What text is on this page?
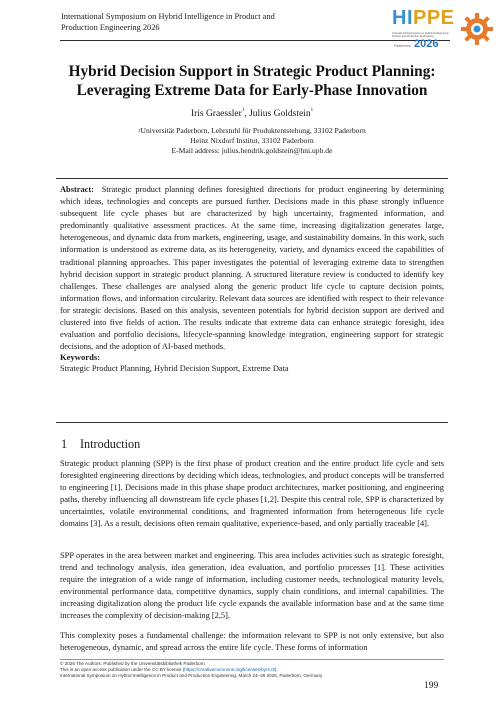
International Symposium on Hybrid Intelligence in Product and
Production Engineering 2026	HIPPE
International Symposium on Hybrid Intelligence in Product and Production Engineering
Paderborn 2026
Hybrid Decision Support in Strategic Product Planning:
Leveraging Extreme Data for Early-Phase Innovation
Iris Graessler$^1$, Julius Goldstein$^1$
$^1$Universität Paderborn, Lehrstuhl für Produktentstehung, 33102 Paderborn
Heinz Nixdorf Institut, 33102 Paderborn
E-Mail address: julius.hendrik.goldstein@hni.upb.de
Abstract: Strategic product planning defines foresighted directions for product engineering by determining which ideas, technologies and concepts are pursued further. Decisions made in this phase strongly influence subsequent life cycle phases but are characterized by high uncertainty, fragmented information, and predominantly qualitative assessment practices. At the same time, increasing digitalization generates large, heterogeneous, and dynamic data from markets, engineering, usage, and sustainability domains. In this work, such information is understood as extreme data, as its heterogeneity, variety, and dynamics exceed the capabilities of traditional planning approaches. This paper investigates the potential of leveraging extreme data to strengthen hybrid decision support in strategic product planning. A structured literature review is conducted to identify key challenges. These challenges are analysed along the generic product life cycle to capture decision points, information flows, and information circularity. Relevant data sources are identified with respect to their relevance for strategic decisions. Based on this analysis, seventeen potentials for hybrid decision support are derived and clustered into five fields of action. The results indicate that extreme data can enhance strategic foresight, idea evaluation and portfolio decisions, lifecycle-spanning knowledge integration, engineering support for strategic decisions, and the adoption of AI-based methods.
Keywords:
Strategic Product Planning, Hybrid Decision Support, Extreme Data
1 Introduction
Strategic product planning (SPP) is the first phase of product creation and the entire product life cycle and sets foresighted engineering directions by deciding which ideas, technologies, and product concepts will be transferred to engineering [1]. Decisions made in this phase shape product architectures, market positioning, and engineering paths, thereby influencing all downstream life cycle phases [1,2]. Despite this central role, SPP is characterized by uncertainties, volatile environmental conditions, and fragmented information from heterogeneous life cycle domains [3]. As a result, decisions often remain qualitative, experience-based, and only partially traceable [4].
SPP operates in the area between market and engineering. This area includes activities such as strategic foresight, trend and technology analysis, idea generation, idea evaluation, and portfolio processes [1]. These activities require the integration of a wide range of information, including customer needs, technological maturity levels, environmental performance data, competitive dynamics, supply chain conditions, and internal capabilities. The increasing digitalization along the product life cycle expands the available information base and at the same time increases the complexity of decision-making [2,5].
This complexity poses a fundamental challenge: the information relevant to SPP is not only extensive, but also heterogeneous, dynamic, and spread across the entire life cycle. These forms of information
© 2026 The Authors. Published by the Universitätsbibliothek Paderborn
This is an open access publication under the CC BY license (https://creativecommons.org/licenses/by/4.0/).
International Symposium on Hybrid Intelligence in Product and Production Engineering, March 24–26 2026, Paderborn, Germany
199
